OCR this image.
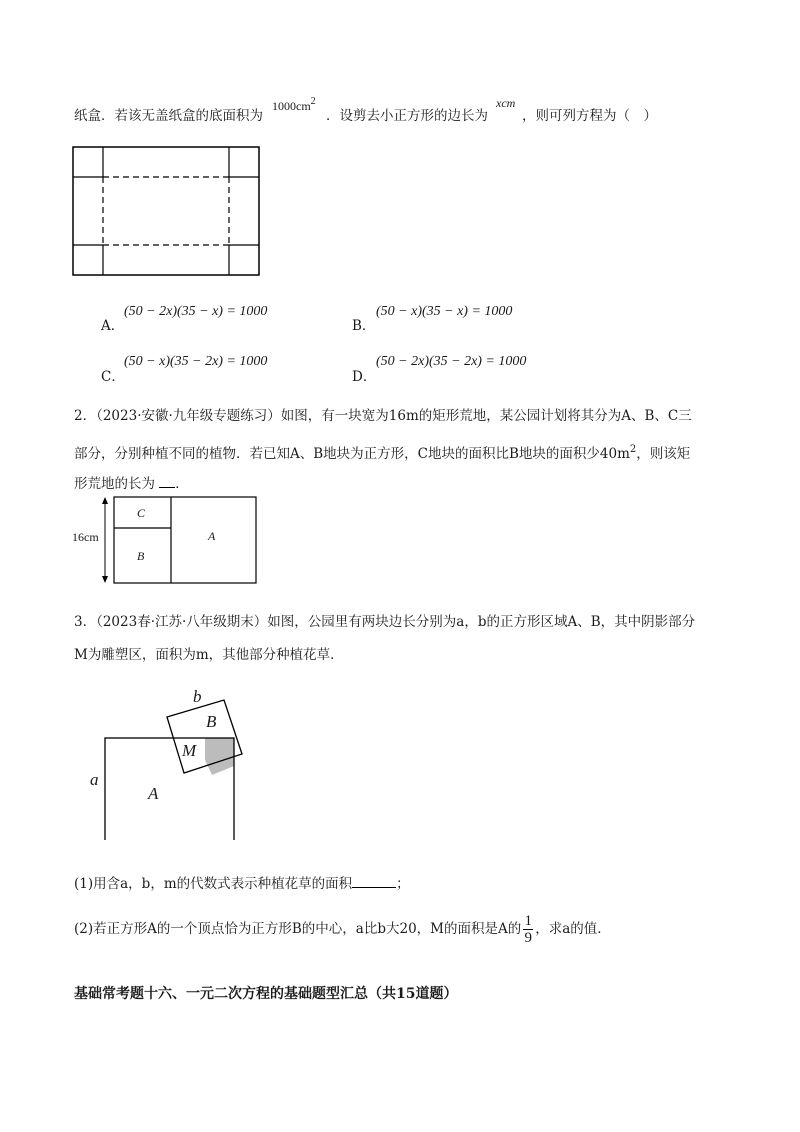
纸盒．若该无盖纸盒的底面积为
$1000cm^2$
．设剪去小正方形的边长为
xcm
，则可列方程为（　）
A．
(50 − 2x)(35 − x) = 1000
B．
(50 − x)(35 − x) = 1000
C．
(50 − x)(35 − 2x) = 1000
D．
(50 − 2x)(35 − 2x) = 1000
2．（2023·安徽·九年级专题练习）如图，有一块宽为16m的矩形荒地，某公园计划将其分为A、B、C三
部分，分别种植不同的植物．若已知A、B地块为正方形，C地块的面积比B地块的面积少$40m^2$，则该矩
形荒地的长为 ．
16cm
C
B
A
3．（2023春·江苏·八年级期末）如图，公园里有两块边长分别为a，b的正方形区域A、B，其中阴影部分
M为雕塑区，面积为m，其他部分种植花草．
a
A
b
B
M
(1)用含a，b，m的代数式表示种植花草的面积	；
(2)若正方形A的一个顶点恰为正方形B的中心，a比b大20，M的面积是A的 $\frac{1}{9}$ ，求a的值．
基础常考题十六、一元二次方程的基础题型汇总（共15道题）
